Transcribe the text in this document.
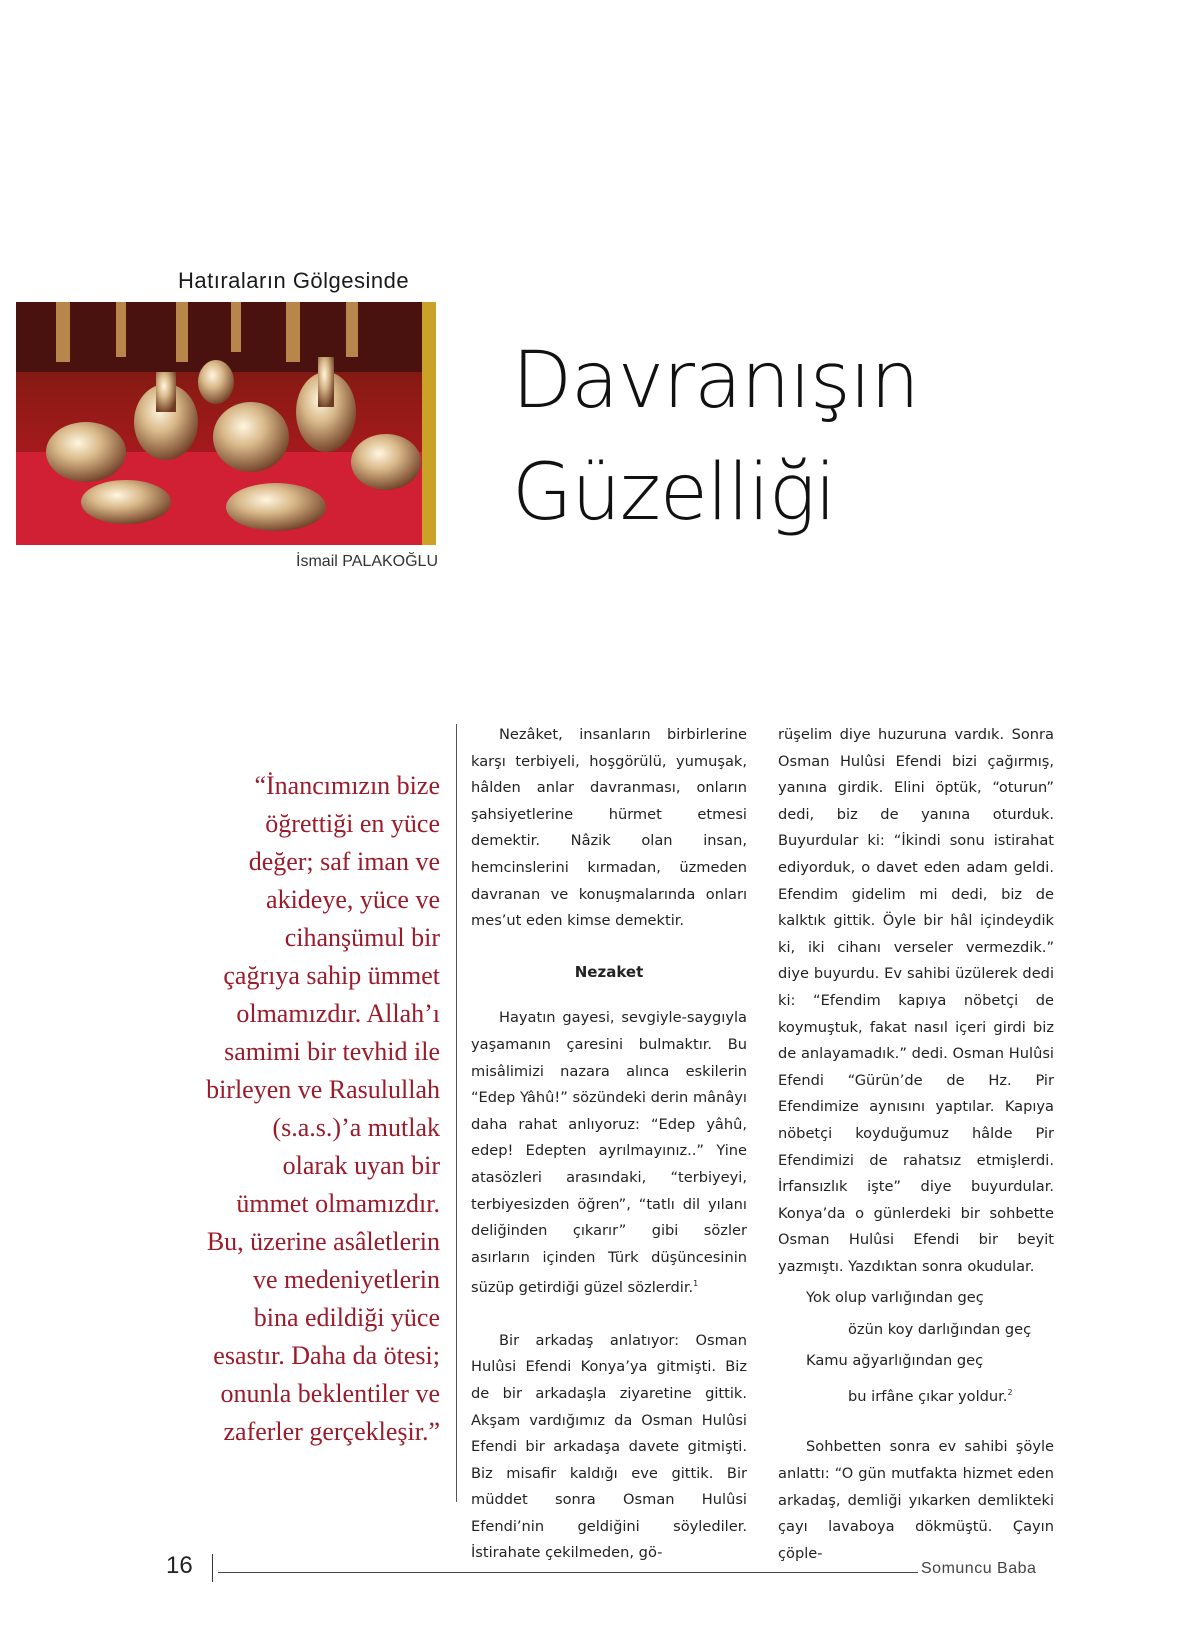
Hatıraların Gölgesinde
İsmail PALAKOĞLU
Davranışın
Güzelliği
“İnancımızın bize
öğrettiği en yüce
değer; saf iman ve
akideye, yüce ve
cihanşümul bir
çağrıya sahip ümmet
olmamızdır. Allah’ı
samimi bir tevhid ile
birleyen ve Rasulullah
(s.a.s.)’a mutlak
olarak uyan bir
ümmet olmamızdır.
Bu, üzerine asâletlerin
ve medeniyetlerin
bina edildiği yüce
esastır. Daha da ötesi;
onunla beklentiler ve
zaferler gerçekleşir.”

Nezâket, insanların birbirlerine karşı terbiyeli, hoşgörülü, yumuşak, hâlden anlar davranması, onların şahsiyetlerine hürmet etmesi demektir. Nâzik olan insan, hemcinslerini kırmadan, üzmeden davranan ve konuşmalarında onları mes’ut eden kimse demektir.

Nezaket

Hayatın gayesi, sevgiyle-saygıyla yaşamanın çaresini bulmaktır. Bu misâlimizi nazara alınca eskilerin “Edep Yâhû!” sözündeki derin mânâyı daha rahat anlıyoruz: “Edep yâhû, edep! Edepten ayrılmayınız..” Yine atasözleri arasındaki, “terbiyeyi, terbiyesizden öğren”, “tatlı dil yılanı deliğinden çıkarır” gibi sözler asırların içinden Türk düşüncesinin süzüp getirdiği güzel sözlerdir.$^1$

Bir arkadaş anlatıyor: Osman Hulûsi Efendi Konya’ya gitmişti. Biz de bir arkadaşla ziyaretine gittik. Akşam vardığımız da Osman Hulûsi Efendi bir arkadaşa davete gitmişti. Biz misafir kaldığı eve gittik. Bir müddet sonra Osman Hulûsi Efendi’nin geldiğini söylediler. İstirahate çekilmeden, gö-

rüşelim diye huzuruna vardık. Sonra Osman Hulûsi Efendi bizi çağırmış, yanına girdik. Elini öptük, “oturun” dedi, biz de yanına oturduk. Buyurdular ki: “İkindi sonu istirahat ediyorduk, o davet eden adam geldi. Efendim gidelim mi dedi, biz de kalktık gittik. Öyle bir hâl içindeydik ki, iki cihanı verseler vermezdik.” diye buyurdu. Ev sahibi üzülerek dedi ki: “Efendim kapıya nöbetçi de koymuştuk, fakat nasıl içeri girdi biz de anlayamadık.” dedi. Osman Hulûsi Efendi “Gürün’de de Hz. Pir Efendimize aynısını yaptılar. Kapıya nöbetçi koyduğumuz hâlde Pir Efendimizi de rahatsız etmişlerdi. İrfansızlık işte” diye buyurdular. Konya’da o günlerdeki bir sohbette Osman Hulûsi Efendi bir beyit yazmıştı. Yazdıktan sonra okudular.

Yok olup varlığından geç
özün koy darlığından geç
Kamu ağyarlığından geç
bu irfâne çıkar yoldur.$^2$

Sohbetten sonra ev sahibi şöyle anlattı: “O gün mutfakta hizmet eden arkadaş, demliği yıkarken demlikteki çayı lavaboya dökmüştü. Çayın çöple-

16	Somuncu Baba
